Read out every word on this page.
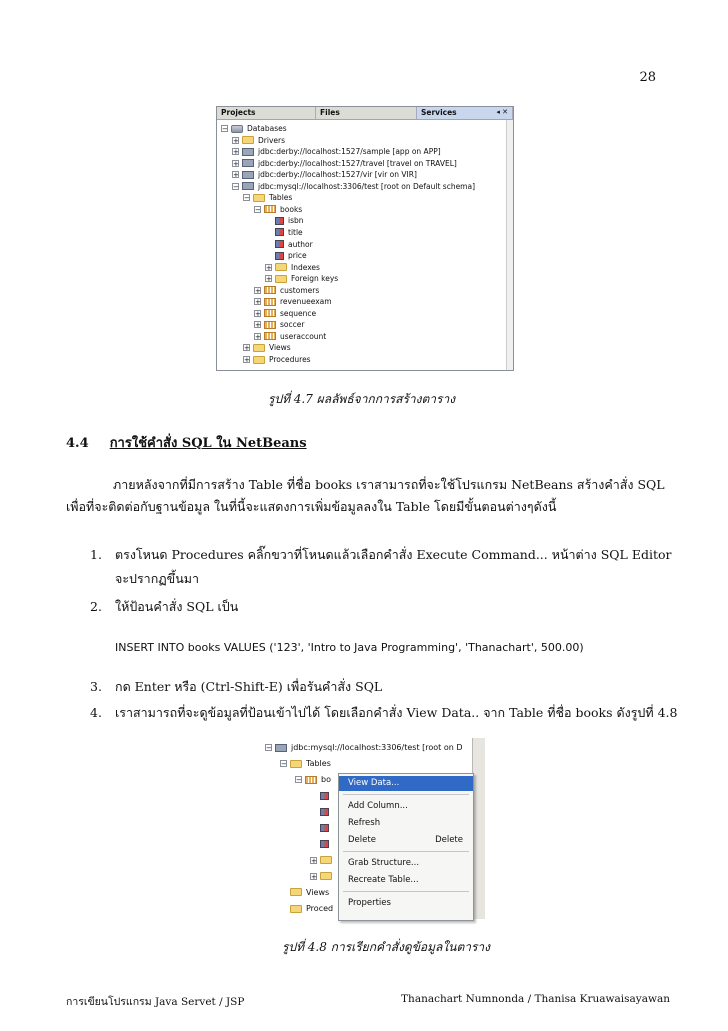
28
Projects	Files	Services	◂ ✕
−	Databases
+	Drivers
+	jdbc:derby://localhost:1527/sample [app on APP]
+	jdbc:derby://localhost:1527/travel [travel on TRAVEL]
+	jdbc:derby://localhost:1527/vir [vir on VIR]
−	jdbc:mysql://localhost:3306/test [root on Default schema]
−	Tables
−	books
isbn
title
author
price
+	Indexes
+	Foreign keys
+	customers
+	revenueexam
+	sequence
+	soccer
+	useraccount
+	Views
+	Procedures
รูปที่ 4.7 ผลลัพธ์จากการสร้างตาราง
4.4 การใช้คำสั่ง SQL ใน NetBeans
ภายหลังจากที่มีการสร้าง Table ที่ชื่อ books เราสามารถที่จะใช้โปรแกรม NetBeans สร้างคำสั่ง SQL
เพื่อที่จะติดต่อกับฐานข้อมูล ในที่นี้จะแสดงการเพิ่มข้อมูลลงใน Table โดยมีขั้นตอนต่างๆดังนี้
1. ตรงโหนด Procedures คลิ๊กขวาที่โหนดแล้วเลือกคำสั่ง Execute Command... หน้าต่าง SQL Editor
จะปรากฏขึ้นมา
2. ให้ป้อนคำสั่ง SQL เป็น
INSERT INTO books VALUES ('123', 'Intro to Java Programming', 'Thanachart', 500.00)
3. กด Enter หรือ (Ctrl-Shift-E) เพื่อรันคำสั่ง SQL
4. เราสามารถที่จะดูข้อมูลที่ป้อนเข้าไปได้ โดยเลือกคำสั่ง View Data.. จาก Table ที่ชื่อ books ดังรูปที่ 4.8
− jdbc:mysql://localhost:3306/test [root on D
− Tables
− bo
+
+
Views
Proced
View Data...
Add Column...
Refresh
Delete	Delete
Grab Structure...
Recreate Table...
Properties
รูปที่ 4.8 การเรียกคำสั่งดูข้อมูลในตาราง
การเขียนโปรแกรม Java Servet / JSP	Thanachart Numnonda / Thanisa Kruawaisayawan
